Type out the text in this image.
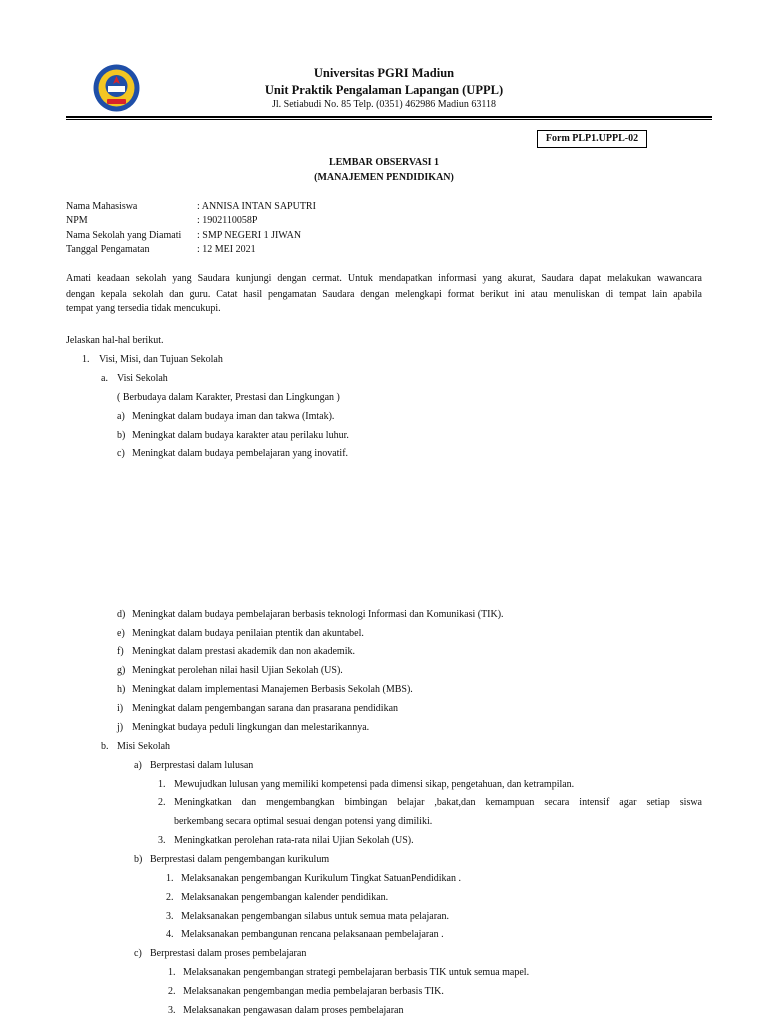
Universitas PGRI Madiun
Unit Praktik Pengalaman Lapangan (UPPL)
Jl. Setiabudi No. 85 Telp. (0351) 462986 Madiun 63118
Form PLP1.UPPL-02
LEMBAR OBSERVASI 1
(MANAJEMEN PENDIDIKAN)
Nama Mahasiswa	: ANNISA INTAN SAPUTRI
NPM	: 1902110058P
Nama Sekolah yang Diamati : SMP NEGERI 1 JIWAN
Tanggal Pengamatan	: 12 MEI 2021
Amati keadaan sekolah yang Saudara kunjungi dengan cermat. Untuk mendapatkan informasi yang akurat, Saudara dapat melakukan wawancara
dengan kepala sekolah dan guru. Catat hasil pengamatan Saudara dengan melengkapi format berikut ini atau menuliskan di tempat lain apabila
tempat yang tersedia tidak mencukupi.
Jelaskan hal-hal berikut.
1. Visi, Misi, dan Tujuan Sekolah
a. Visi Sekolah
( Berbudaya dalam Karakter, Prestasi dan Lingkungan )
a) Meningkat dalam budaya iman dan takwa (Imtak).
b) Meningkat dalam budaya karakter atau perilaku luhur.
c) Meningkat dalam budaya pembelajaran yang inovatif.
d) Meningkat dalam budaya pembelajaran berbasis teknologi Informasi dan Komunikasi (TIK).
e) Meningkat dalam budaya penilaian ptentik dan akuntabel.
f) Meningkat dalam prestasi akademik dan non akademik.
g) Meningkat perolehan nilai hasil Ujian Sekolah (US).
h) Meningkat dalam implementasi Manajemen Berbasis Sekolah (MBS).
i) Meningkat dalam pengembangan sarana dan prasarana pendidikan
j) Meningkat budaya peduli lingkungan dan melestarikannya.
b. Misi Sekolah
a) Berprestasi dalam lulusan
1. Mewujudkan lulusan yang memiliki kompetensi pada dimensi sikap, pengetahuan, dan ketrampilan.
2. Meningkatkan dan mengembangkan bimbingan belajar ,bakat,dan kemampuan secara intensif agar setiap siswa
berkembang secara optimal sesuai dengan potensi yang dimiliki.
3. Meningkatkan perolehan rata-rata nilai Ujian Sekolah (US).
b) Berprestasi dalam pengembangan kurikulum
1. Melaksanakan pengembangan Kurikulum Tingkat SatuanPendidikan .
2. Melaksanakan pengembangan kalender pendidikan.
3. Melaksanakan pengembangan silabus untuk semua mata pelajaran.
4. Melaksanakan pembangunan rencana pelaksanaan pembelajaran .
c) Berprestasi dalam proses pembelajaran
1. Melaksanakan pengembangan strategi pembelajaran berbasis TIK untuk semua mapel.
2. Melaksanakan pengembangan media pembelajaran berbasis TIK.
3. Melaksanakan pengawasan dalam proses pembelajaran
